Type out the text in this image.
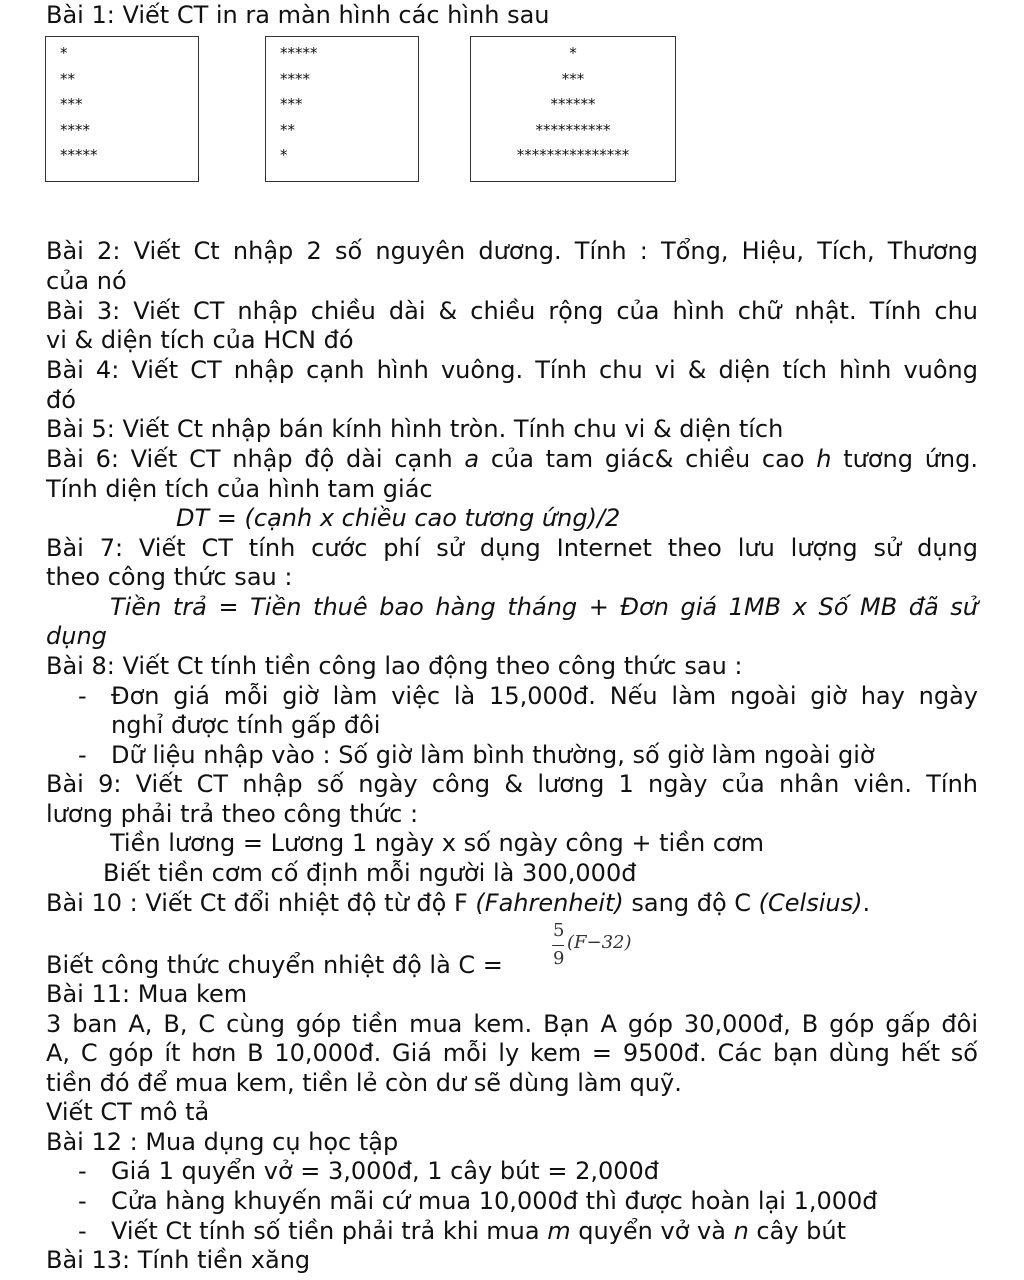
Bài 1: Viết CT in ra màn hình các hình sau
*
**
***
****
*****
*****
****
***
**
*
*
***
******
**********
***************
Bài 2: Viết Ct nhập 2 số nguyên dương. Tính : Tổng, Hiệu, Tích, Thương
của nó
Bài 3: Viết CT nhập chiều dài & chiều rộng của hình chữ nhật. Tính chu
vi & diện tích của HCN đó
Bài 4: Viết CT nhập cạnh hình vuông. Tính chu vi & diện tích hình vuông
đó
Bài 5: Viết Ct nhập bán kính hình tròn. Tính chu vi & diện tích
Bài 6: Viết CT nhập độ dài cạnh a của tam giác& chiều cao h tương ứng.
Tính diện tích của hình tam giác
DT = (cạnh x chiều cao tương ứng)/2
Bài 7: Viết CT tính cước phí sử dụng Internet theo lưu lượng sử dụng
theo công thức sau :
Tiền trả = Tiền thuê bao hàng tháng + Đơn giá 1MB x Số MB đã sử
dụng
Bài 8: Viết Ct tính tiền công lao động theo công thức sau :
- Đơn giá mỗi giờ làm việc là 15,000đ. Nếu làm ngoài giờ hay ngày
nghỉ được tính gấp đôi
- Dữ liệu nhập vào : Số giờ làm bình thường, số giờ làm ngoài giờ
Bài 9: Viết CT nhập số ngày công & lương 1 ngày của nhân viên. Tính
lương phải trả theo công thức :
Tiền lương = Lương 1 ngày x số ngày công + tiền cơm
Biết tiền cơm cố định mỗi người là 300,000đ
Bài 10 : Viết Ct đổi nhiệt độ từ độ F (Fahrenheit) sang độ C (Celsius).
Biết công thức chuyển nhiệt độ là C =
5
9
(F−32)
Bài 11: Mua kem
3 ban A, B, C cùng góp tiền mua kem. Bạn A góp 30,000đ, B góp gấp đôi
A, C góp ít hơn B 10,000đ. Giá mỗi ly kem = 9500đ. Các bạn dùng hết số
tiền đó để mua kem, tiền lẻ còn dư sẽ dùng làm quỹ.
Viết CT mô tả
Bài 12 : Mua dụng cụ học tập
- Giá 1 quyển vở = 3,000đ, 1 cây bút = 2,000đ
- Cửa hàng khuyến mãi cứ mua 10,000đ thì được hoàn lại 1,000đ
- Viết Ct tính số tiền phải trả khi mua m quyển vở và n cây bút
Bài 13: Tính tiền xăng
